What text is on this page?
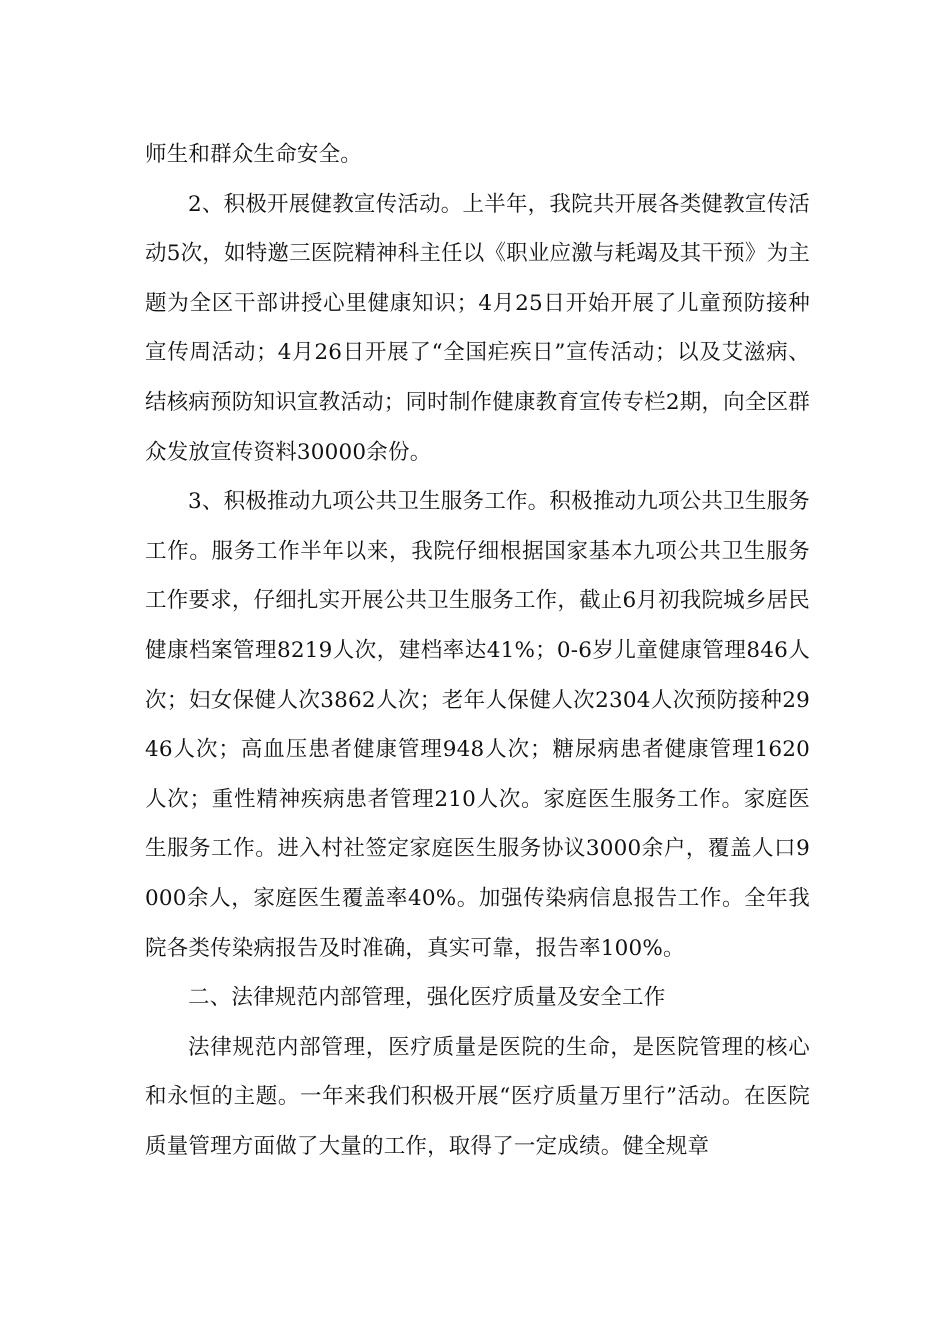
师生和群众生命安全。

2、积极开展健教宣传活动。上半年，我院共开展各类健教宣传活动5次，如特邀三医院精神科主任以《职业应激与耗竭及其干预》为主题为全区干部讲授心里健康知识；4月25日开始开展了儿童预防接种宣传周活动；4月26日开展了“全国疟疾日”宣传活动；以及艾滋病、结核病预防知识宣教活动；同时制作健康教育宣传专栏2期，向全区群众发放宣传资料30000余份。

3、积极推动九项公共卫生服务工作。积极推动九项公共卫生服务工作。服务工作半年以来，我院仔细根据国家基本九项公共卫生服务工作要求，仔细扎实开展公共卫生服务工作，截止6月初我院城乡居民健康档案管理8219人次，建档率达41%；0-6岁儿童健康管理846人次；妇女保健人次3862人次；老年人保健人次2304人次预防接种2946人次；高血压患者健康管理948人次；糖尿病患者健康管理1620人次；重性精神疾病患者管理210人次。家庭医生服务工作。家庭医生服务工作。进入村社签定家庭医生服务协议3000余户，覆盖人口9000余人，家庭医生覆盖率40%。加强传染病信息报告工作。全年我院各类传染病报告及时准确，真实可靠，报告率100%。

二、法律规范内部管理，强化医疗质量及安全工作

法律规范内部管理，医疗质量是医院的生命，是医院管理的核心和永恒的主题。一年来我们积极开展“医疗质量万里行”活动。在医院质量管理方面做了大量的工作，取得了一定成绩。健全规章
